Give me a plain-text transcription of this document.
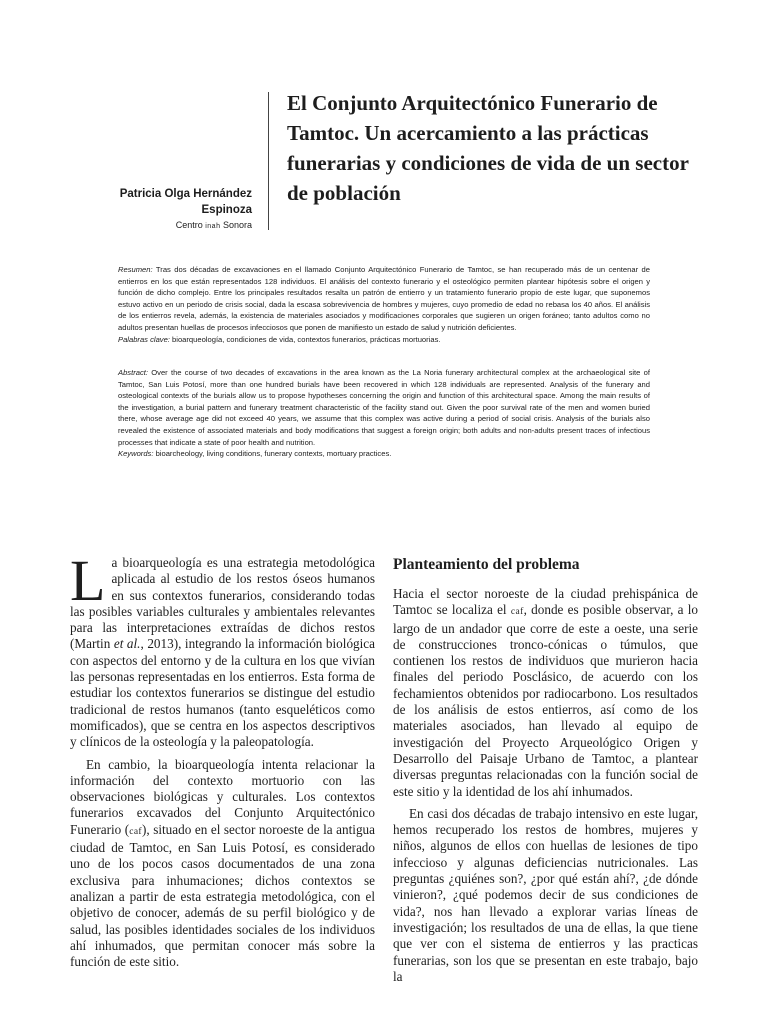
Patricia Olga Hernández

Espinoza

Centro inah Sonora
El Conjunto Arquitectónico Funerario de Tamtoc. Un acercamiento a las prácticas funerarias y condiciones de vida de un sector de población

Resumen: Tras dos décadas de excavaciones en el llamado Conjunto Arquitectónico Funerario de Tamtoc, se han recuperado más de un centenar de entierros en los que están representados 128 individuos. El análisis del contexto funerario y el osteológico permiten plantear hipótesis sobre el origen y función de dicho complejo. Entre los principales resultados resalta un patrón de entierro y un tratamiento funerario propio de este lugar, que suponemos estuvo activo en un periodo de crisis social, dada la escasa sobrevivencia de hombres y mujeres, cuyo promedio de edad no rebasa los 40 años. El análisis de los entierros revela, además, la existencia de materiales asociados y modificaciones corporales que sugieren un origen foráneo; tanto adultos como no adultos presentan huellas de procesos infecciosos que ponen de manifiesto un estado de salud y nutrición deficientes.

Palabras clave: bioarqueología, condiciones de vida, contextos funerarios, prácticas mortuorias.

Abstract: Over the course of two decades of excavations in the area known as the La Noria funerary architectural complex at the archaeological site of Tamtoc, San Luis Potosí, more than one hundred burials have been recovered in which 128 individuals are represented. Analysis of the funerary and osteological contexts of the burials allow us to propose hypotheses concerning the origin and function of this architectural space. Among the main results of the investigation, a burial pattern and funerary treatment characteristic of the facility stand out. Given the poor survival rate of the men and women buried there, whose average age did not exceed 40 years, we assume that this complex was active during a period of social crisis. Analysis of the burials also revealed the existence of associated materials and body modifications that suggest a foreign origin; both adults and non-adults present traces of infectious processes that indicate a state of poor health and nutrition.

Keywords: bioarcheology, living conditions, funerary contexts, mortuary practices.

La bioarqueología es una estrategia metodológica aplicada al estudio de los restos óseos humanos en sus contextos funerarios, considerando todas las posibles variables culturales y ambientales relevantes para las interpretaciones extraídas de dichos restos (Martin et al., 2013), integrando la información biológica con aspectos del entorno y de la cultura en los que vivían las personas representadas en los entierros. Esta forma de estudiar los contextos funerarios se distingue del estudio tradicional de restos humanos (tanto esqueléticos como momificados), que se centra en los aspectos descriptivos y clínicos de la osteología y la paleopatología.

En cambio, la bioarqueología intenta relacionar la información del contexto mortuorio con las observaciones biológicas y culturales. Los contextos funerarios excavados del Conjunto Arquitectónico Funerario (caf), situado en el sector noroeste de la antigua ciudad de Tamtoc, en San Luis Potosí, es considerado uno de los pocos casos documentados de una zona exclusiva para inhumaciones; dichos contextos se analizan a partir de esta estrategia metodológica, con el objetivo de conocer, además de su perfil biológico y de salud, las posibles identidades sociales de los individuos ahí inhumados, que permitan conocer más sobre la función de este sitio.

Planteamiento del problema

Hacia el sector noroeste de la ciudad prehispánica de Tamtoc se localiza el caf, donde es posible observar, a lo largo de un andador que corre de este a oeste, una serie de construcciones tronco-cónicas o túmulos, que contienen los restos de individuos que murieron hacia finales del periodo Posclásico, de acuerdo con los fechamientos obtenidos por radiocarbono. Los resultados de los análisis de estos entierros, así como de los materiales asociados, han llevado al equipo de investigación del Proyecto Arqueológico Origen y Desarrollo del Paisaje Urbano de Tamtoc, a plantear diversas preguntas relacionadas con la función social de este sitio y la identidad de los ahí inhumados.

En casi dos décadas de trabajo intensivo en este lugar, hemos recuperado los restos de hombres, mujeres y niños, algunos de ellos con huellas de lesiones de tipo infeccioso y algunas deficiencias nutricionales. Las preguntas ¿quiénes son?, ¿por qué están ahí?, ¿de dónde vinieron?, ¿qué podemos decir de sus condiciones de vida?, nos han llevado a explorar varias líneas de investigación; los resultados de una de ellas, la que tiene que ver con el sistema de entierros y las practicas funerarias, son los que se presentan en este trabajo, bajo la
